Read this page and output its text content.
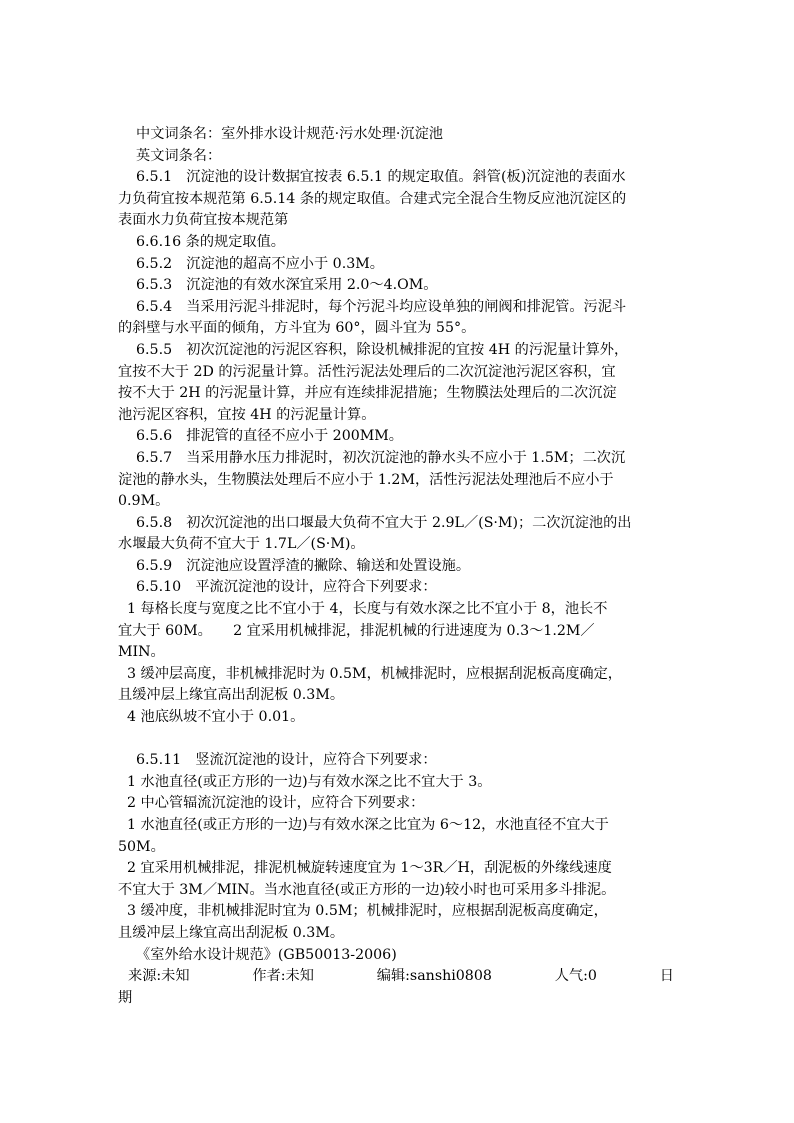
中文词条名：室外排水设计规范·污水处理·沉淀池

英文词条名：

6.5.1　沉淀池的设计数据宜按表 6.5.1 的规定取值。斜管(板)沉淀池的表面水

力负荷宜按本规范第 6.5.14 条的规定取值。合建式完全混合生物反应池沉淀区的

表面水力负荷宜按本规范第

6.6.16 条的规定取值。

6.5.2　沉淀池的超高不应小于 0.3M。

6.5.3　沉淀池的有效水深宜采用 2.0～4.OM。

6.5.4　当采用污泥斗排泥时，每个污泥斗均应设单独的闸阀和排泥管。污泥斗

的斜壁与水平面的倾角，方斗宜为 60°，圆斗宜为 55°。

6.5.5　初次沉淀池的污泥区容积，除设机械排泥的宜按 4H 的污泥量计算外，

宜按不大于 2D 的污泥量计算。活性污泥法处理后的二次沉淀池污泥区容积，宜

按不大于 2H 的污泥量计算，并应有连续排泥措施；生物膜法处理后的二次沉淀

池污泥区容积，宜按 4H 的污泥量计算。

6.5.6　排泥管的直径不应小于 200MM。

6.5.7　当采用静水压力排泥时，初次沉淀池的静水头不应小于 1.5M；二次沉

淀池的静水头，生物膜法处理后不应小于 1.2M，活性污泥法处理池后不应小于

0.9M。

6.5.8　初次沉淀池的出口堰最大负荷不宜大于 2.9L／(S·M)；二次沉淀池的出

水堰最大负荷不宜大于 1.7L／(S·M)。

6.5.9　沉淀池应设置浮渣的撇除、输送和处置设施。

6.5.10　平流沉淀池的设计，应符合下列要求：

1 每格长度与宽度之比不宜小于 4，长度与有效水深之比不宜小于 8，池长不

宜大于 60M。　　2 宜采用机械排泥，排泥机械的行进速度为 0.3～1.2M／

MIN。

3 缓冲层高度，非机械排泥时为 0.5M，机械排泥时，应根据刮泥板高度确定，

且缓冲层上缘宜高出刮泥板 0.3M。

4 池底纵坡不宜小于 0.01。

6.5.11　竖流沉淀池的设计，应符合下列要求：

1 水池直径(或正方形的一边)与有效水深之比不宜大于 3。

2 中心管辐流沉淀池的设计，应符合下列要求：

1 水池直径(或正方形的一边)与有效水深之比宜为 6～12，水池直径不宜大于

50M。

2 宜采用机械排泥，排泥机械旋转速度宜为 1～3R／H，刮泥板的外缘线速度

不宜大于 3M／MIN。当水池直径(或正方形的一边)较小时也可采用多斗排泥。

3 缓冲度，非机械排泥时宜为 0.5M；机械排泥时，应根据刮泥板高度确定，

且缓冲层上缘宜高出刮泥板 0.3M。

《室外给水设计规范》(GB50013-2006)

来源:未知	作者:未知	编辑:sanshi0808	人气:0	日
期
